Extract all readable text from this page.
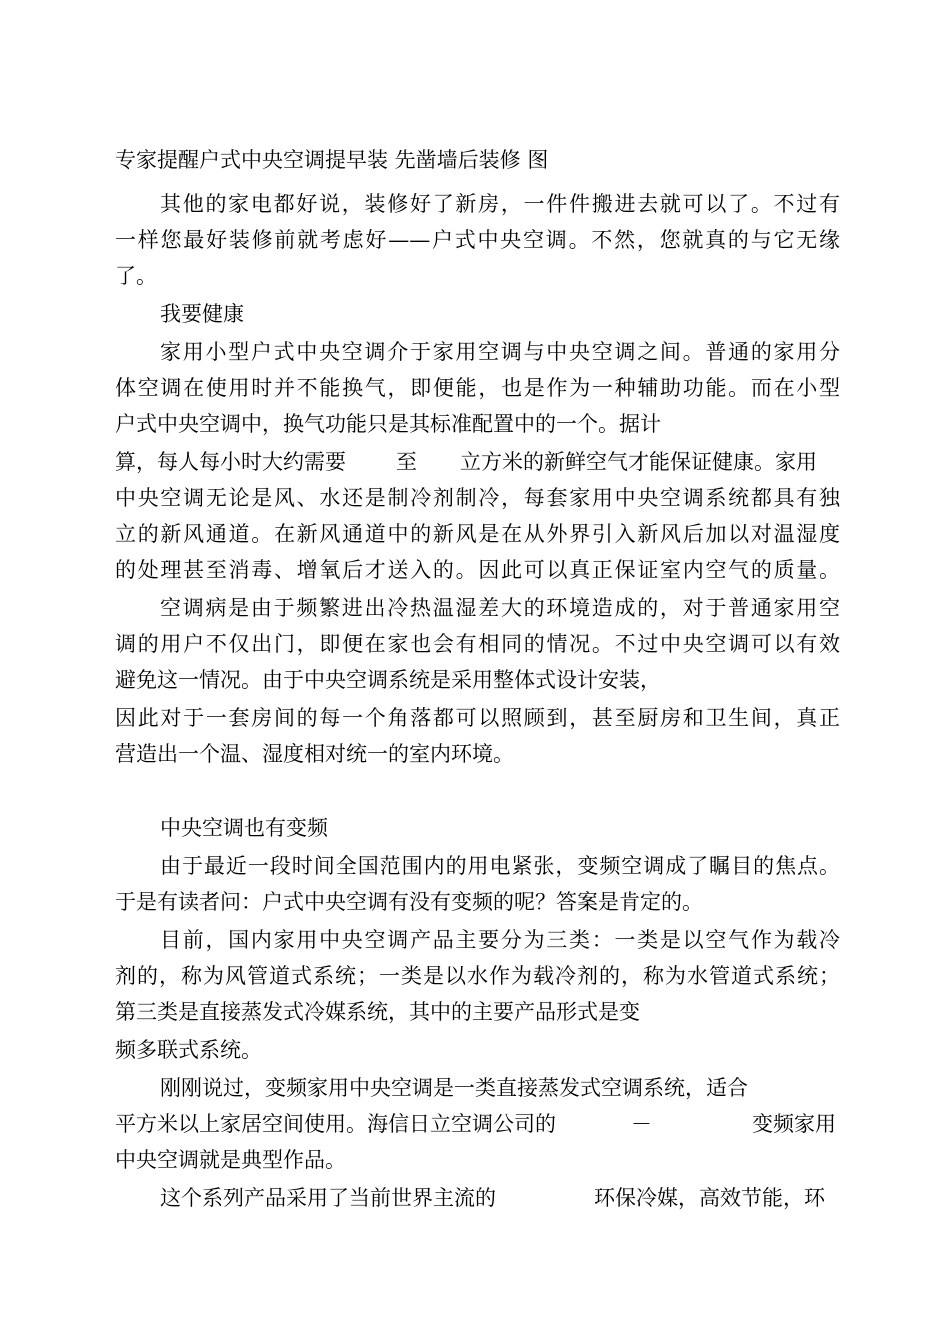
专家提醒户式中央空调提早装 先凿墙后装修 图
其他的家电都好说，装修好了新房，一件件搬进去就可以了。不过有
一样您最好装修前就考虑好——户式中央空调。不然，您就真的与它无缘
了。
我要健康
家用小型户式中央空调介于家用空调与中央空调之间。普通的家用分
体空调在使用时并不能换气，即便能，也是作为一种辅助功能。而在小型
户式中央空调中，换气功能只是其标准配置中的一个。据计
算，每人每小时大约需要 至 立方米的新鲜空气才能保证健康。家用
中央空调无论是风、水还是制冷剂制冷，每套家用中央空调系统都具有独
立的新风通道。在新风通道中的新风是在从外界引入新风后加以对温湿度
的处理甚至消毒、增氧后才送入的。因此可以真正保证室内空气的质量。
空调病是由于频繁进出冷热温湿差大的环境造成的，对于普通家用空
调的用户不仅出门，即便在家也会有相同的情况。不过中央空调可以有效
避免这一情况。由于中央空调系统是采用整体式设计安装，
因此对于一套房间的每一个角落都可以照顾到，甚至厨房和卫生间，真正
营造出一个温、湿度相对统一的室内环境。
中央空调也有变频
由于最近一段时间全国范围内的用电紧张，变频空调成了瞩目的焦点。
于是有读者问：户式中央空调有没有变频的呢？答案是肯定的。
目前，国内家用中央空调产品主要分为三类：一类是以空气作为载冷
剂的，称为风管道式系统；一类是以水作为载冷剂的，称为水管道式系统；
第三类是直接蒸发式冷媒系统，其中的主要产品形式是变
频多联式系统。
刚刚说过，变频家用中央空调是一类直接蒸发式空调系统，适合
平方米以上家居空间使用。海信日立空调公司的	－	变频家用
中央空调就是典型作品。
这个系列产品采用了当前世界主流的	环保冷媒，高效节能，环
